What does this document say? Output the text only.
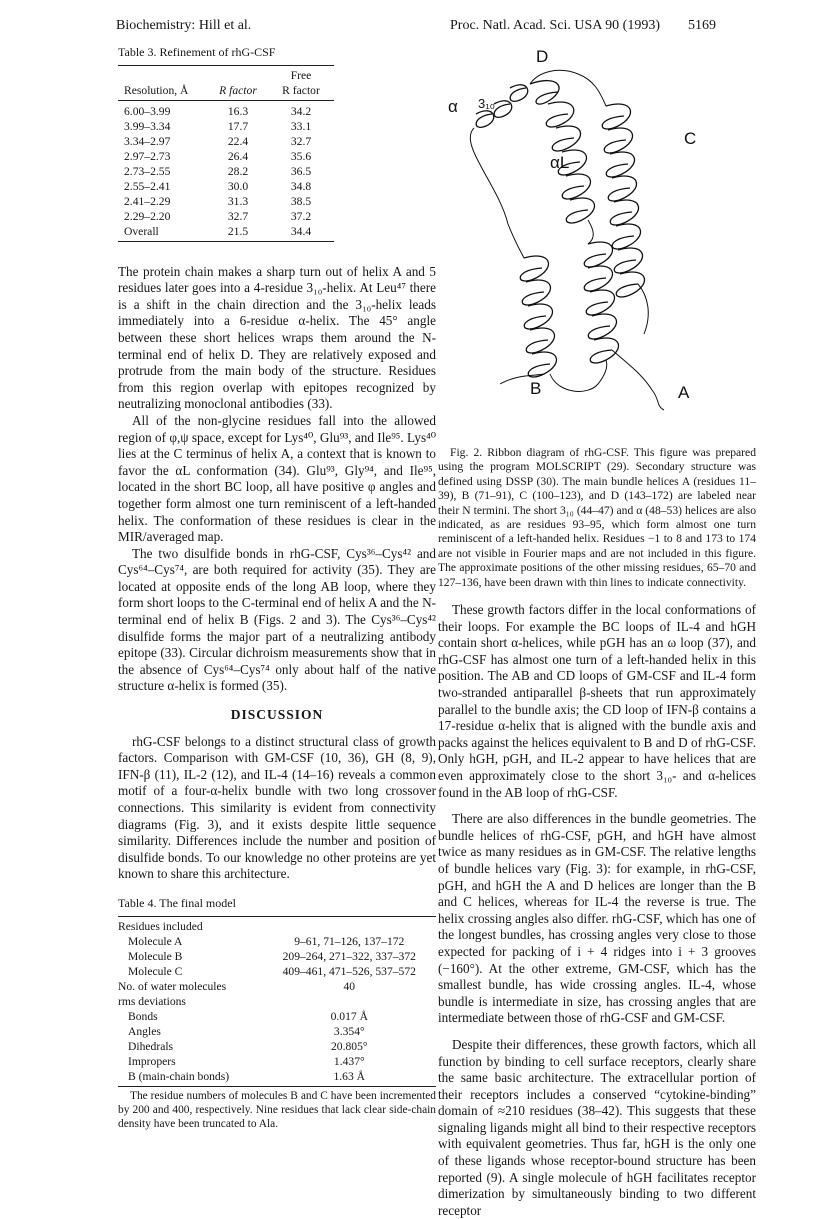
Biochemistry: Hill et al.	Proc. Natl. Acad. Sci. USA 90 (1993) 5169
Table 3. Refinement of rhG-CSF
		Free
Resolution, Å	R factor	R factor
6.00–3.99	16.3	34.2
3.99–3.34	17.7	33.1
3.34–2.97	22.4	32.7
2.97–2.73	26.4	35.6
2.73–2.55	28.2	36.5
2.55–2.41	30.0	34.8
2.41–2.29	31.3	38.5
2.29–2.20	32.7	37.2
Overall	21.5	34.4

The protein chain makes a sharp turn out of helix A and 5 residues later goes into a 4-residue 3₁₀-helix. At Leu⁴⁷ there is a shift in the chain direction and the 3₁₀-helix leads immediately into a 6-residue α-helix. The 45° angle between these short helices wraps them around the N-terminal end of helix D. They are relatively exposed and protrude from the main body of the structure. Residues from this region overlap with epitopes recognized by neutralizing monoclonal antibodies (33).

All of the non-glycine residues fall into the allowed region of φ,ψ space, except for Lys⁴⁰, Glu⁹³, and Ile⁹⁵. Lys⁴⁰ lies at the C terminus of helix A, a context that is known to favor the αL conformation (34). Glu⁹³, Gly⁹⁴, and Ile⁹⁵, located in the short BC loop, all have positive φ angles and together form almost one turn reminiscent of a left-handed helix. The conformation of these residues is clear in the MIR/averaged map.

The two disulfide bonds in rhG-CSF, Cys³⁶–Cys⁴² and Cys⁶⁴–Cys⁷⁴, are both required for activity (35). They are located at opposite ends of the long AB loop, where they form short loops to the C-terminal end of helix A and the N-terminal end of helix B (Figs. 2 and 3). The Cys³⁶–Cys⁴² disulfide forms the major part of a neutralizing antibody epitope (33). Circular dichroism measurements show that in the absence of Cys⁶⁴–Cys⁷⁴ only about half of the native structure α-helix is formed (35).

DISCUSSION

rhG-CSF belongs to a distinct structural class of growth factors. Comparison with GM-CSF (10, 36), GH (8, 9), IFN-β (11), IL-2 (12), and IL-4 (14–16) reveals a common motif of a four-α-helix bundle with two long crossover connections. This similarity is evident from connectivity diagrams (Fig. 3), and it exists despite little sequence similarity. Differences include the number and position of disulfide bonds. To our knowledge no other proteins are yet known to share this architecture.

Table 4. The final model
Residues included	
Molecule A	9–61, 71–126, 137–172
Molecule B	209–264, 271–322, 337–372
Molecule C	409–461, 471–526, 537–572
No. of water molecules	40
rms deviations	
Bonds	0.017 Å
Angles	3.354°
Dihedrals	20.805°
Impropers	1.437°
B (main-chain bonds)	1.63 Å

The residue numbers of molecules B and C have been incremented by 200 and 400, respectively. Nine residues that lack clear side-chain density have been truncated to Ala.

D
α 3₁₀
αL
C
B	A

Fig. 2. Ribbon diagram of rhG-CSF. This figure was prepared using the program MOLSCRIPT (29). Secondary structure was defined using DSSP (30). The main bundle helices A (residues 11–39), B (71–91), C (100–123), and D (143–172) are labeled near their N termini. The short 3₁₀ (44–47) and α (48–53) helices are also indicated, as are residues 93–95, which form almost one turn reminiscent of a left-handed helix. Residues −1 to 8 and 173 to 174 are not visible in Fourier maps and are not included in this figure. The approximate positions of the other missing residues, 65–70 and 127–136, have been drawn with thin lines to indicate connectivity.

These growth factors differ in the local conformations of their loops. For example the BC loops of IL-4 and hGH contain short α-helices, while pGH has an ω loop (37), and rhG-CSF has almost one turn of a left-handed helix in this position. The AB and CD loops of GM-CSF and IL-4 form two-stranded antiparallel β-sheets that run approximately parallel to the bundle axis; the CD loop of IFN-β contains a 17-residue α-helix that is aligned with the bundle axis and packs against the helices equivalent to B and D of rhG-CSF. Only hGH, pGH, and IL-2 appear to have helices that are even approximately close to the short 3₁₀- and α-helices found in the AB loop of rhG-CSF.

There are also differences in the bundle geometries. The bundle helices of rhG-CSF, pGH, and hGH have almost twice as many residues as in GM-CSF. The relative lengths of bundle helices vary (Fig. 3): for example, in rhG-CSF, pGH, and hGH the A and D helices are longer than the B and C helices, whereas for IL-4 the reverse is true. The helix crossing angles also differ. rhG-CSF, which has one of the longest bundles, has crossing angles very close to those expected for packing of i + 4 ridges into i + 3 grooves (−160°). At the other extreme, GM-CSF, which has the smallest bundle, has wide crossing angles. IL-4, whose bundle is intermediate in size, has crossing angles that are intermediate between those of rhG-CSF and GM-CSF.

Despite their differences, these growth factors, which all function by binding to cell surface receptors, clearly share the same basic architecture. The extracellular portion of their receptors includes a conserved “cytokine-binding” domain of ≈210 residues (38–42). This suggests that these signaling ligands might all bind to their respective receptors with equivalent geometries. Thus far, hGH is the only one of these ligands whose receptor-bound structure has been reported (9). A single molecule of hGH facilitates receptor dimerization by simultaneously binding to two different receptor
